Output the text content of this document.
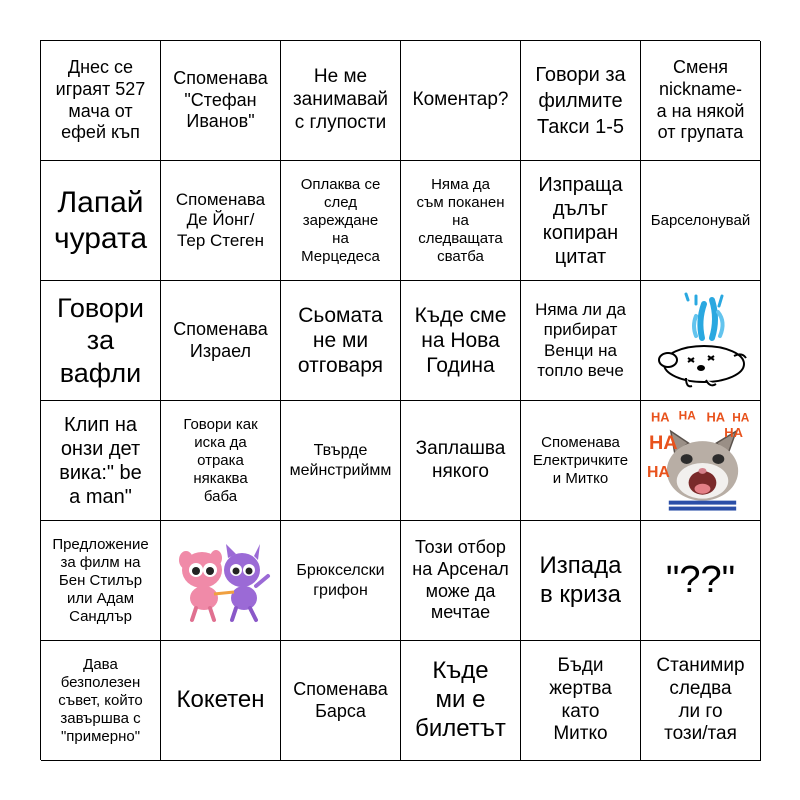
Днес се
играят 527
мача от
ефей къп
Споменава
"Стефан
Иванов"
Не ме
занимавай
с глупости
Коментар?
Говори за
филмите
Такси 1-5
Сменя
nickname-
а на някой
от групата
Лапай
чурата
Споменава
Де Йонг/
Тер Стеген
Оплаква се
след
зареждане
на
Мерцедеса
Няма да
съм поканен
на
следващата
сватба
Изпраща
дълъг
копиран
цитат
Барселонувай
Говори
за
вафли
Споменава
Израел
Сьомата
не ми
отговаря
Къде сме
на Нова
Година
Няма ли да
прибират
Венци на
топло вече
Клип на
онзи дет
вика:" be
a man"
Говори как
иска да
отрака
някаква
баба
Твърде
мейнстриймм
Заплашва
някого
Споменава
Електричките
и Митко
HA HA HA HA
HA	HA
HA
Предложение
за филм на
Бен Стилър
или Адам
Сандлър
Брюкселски
грифон
Този отбор
на Арсенал
може да
мечтае
Изпада
в криза "??"
Дава
безполезен
съвет, който
завършва с
"примерно"
Кокетен Споменава
Барса
Къде
ми е
билетът
Бъди
жертва
като
Митко
Станимир
следва
ли го
този/тая
